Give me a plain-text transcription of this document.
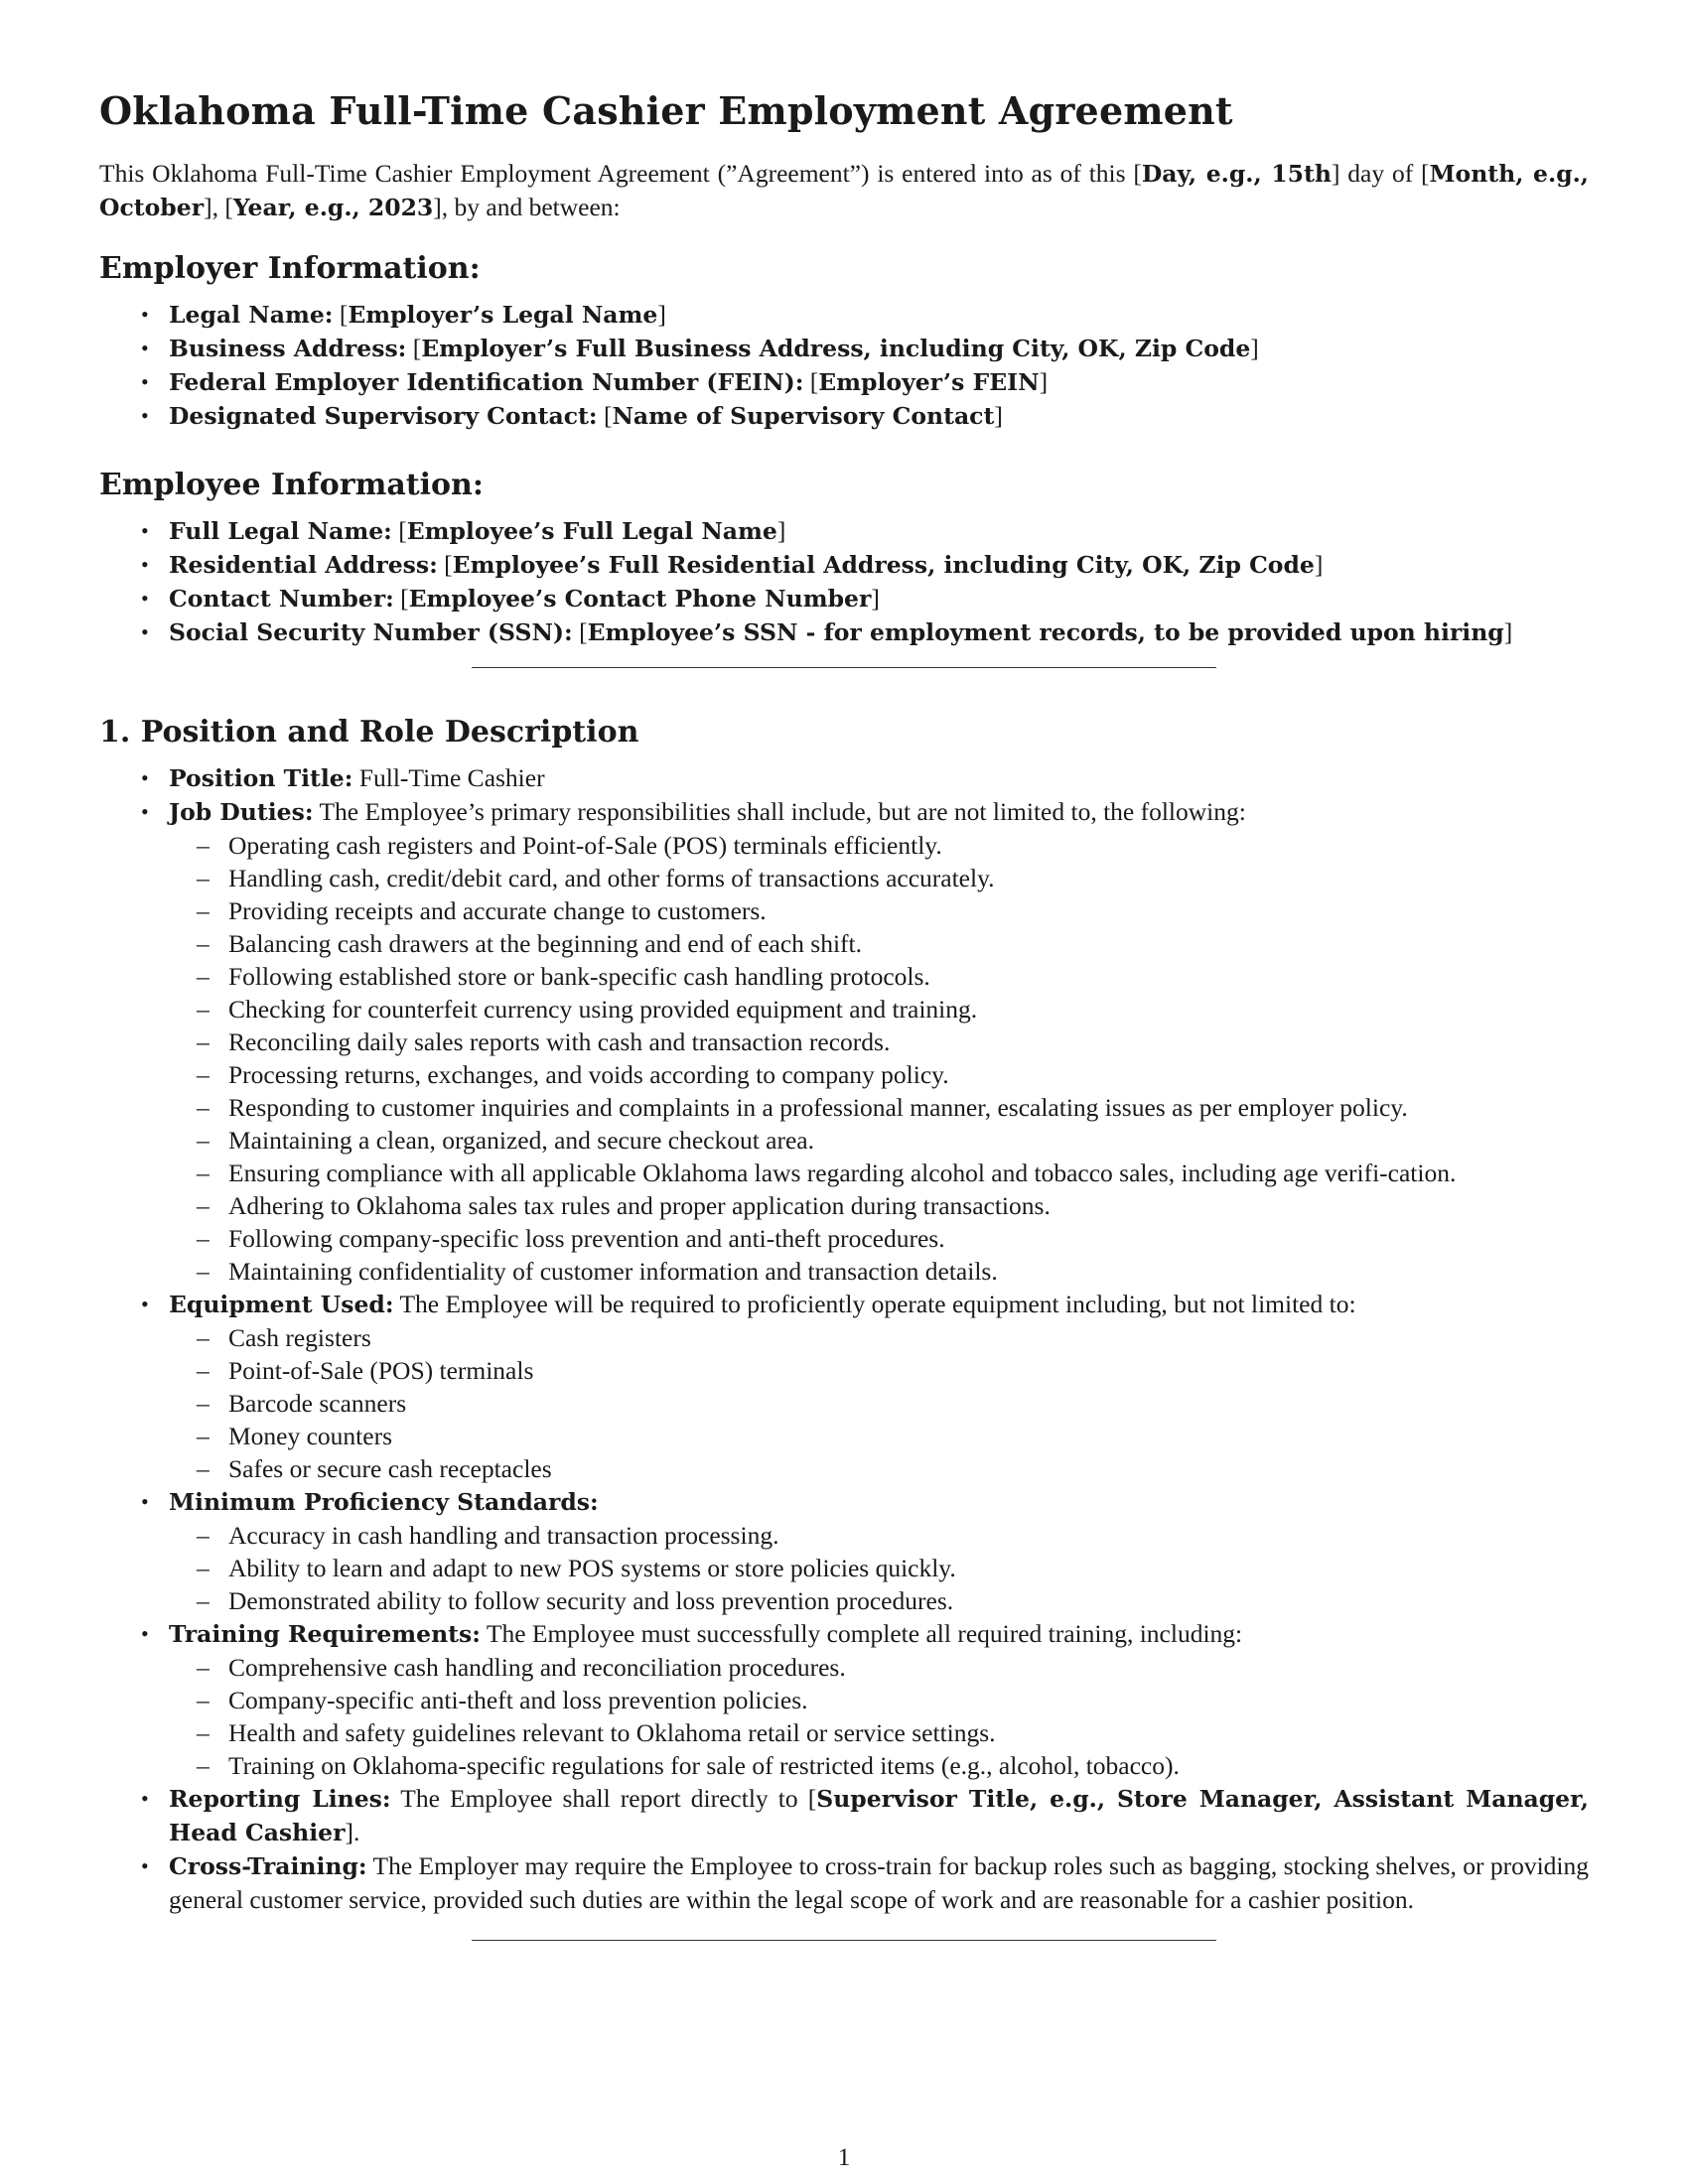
Oklahoma Full-Time Cashier Employment Agreement

This Oklahoma Full-Time Cashier Employment Agreement (”Agreement”) is entered into as of this [Day, e.g., 15th] day of [Month, e.g., October], [Year, e.g., 2023], by and between:

Employer Information:
• Legal Name: [Employer’s Legal Name]
• Business Address: [Employer’s Full Business Address, including City, OK, Zip Code]
• Federal Employer Identification Number (FEIN): [Employer’s FEIN]
• Designated Supervisory Contact: [Name of Supervisory Contact]
Employee Information:
• Full Legal Name: [Employee’s Full Legal Name]
• Residential Address: [Employee’s Full Residential Address, including City, OK, Zip Code]
• Contact Number: [Employee’s Contact Phone Number]
• Social Security Number (SSN): [Employee’s SSN - for employment records, to be provided upon hiring]
1. Position and Role Description
• Position Title: Full-Time Cashier
• Job Duties: The Employee’s primary responsibilities shall include, but are not limited to, the following:
– Operating cash registers and Point-of-Sale (POS) terminals efficiently.
– Handling cash, credit/debit card, and other forms of transactions accurately.
– Providing receipts and accurate change to customers.
– Balancing cash drawers at the beginning and end of each shift.
– Following established store or bank-specific cash handling protocols.
– Checking for counterfeit currency using provided equipment and training.
– Reconciling daily sales reports with cash and transaction records.
– Processing returns, exchanges, and voids according to company policy.
– Responding to customer inquiries and complaints in a professional manner, escalating issues as per employer policy.
– Maintaining a clean, organized, and secure checkout area.
– Ensuring compliance with all applicable Oklahoma laws regarding alcohol and tobacco sales, including age verifi-cation.
– Adhering to Oklahoma sales tax rules and proper application during transactions.
– Following company-specific loss prevention and anti-theft procedures.
– Maintaining confidentiality of customer information and transaction details.
• Equipment Used: The Employee will be required to proficiently operate equipment including, but not limited to:
– Cash registers
– Point-of-Sale (POS) terminals
– Barcode scanners
– Money counters
– Safes or secure cash receptacles
• Minimum Proficiency Standards:
– Accuracy in cash handling and transaction processing.
– Ability to learn and adapt to new POS systems or store policies quickly.
– Demonstrated ability to follow security and loss prevention procedures.
• Training Requirements: The Employee must successfully complete all required training, including:
– Comprehensive cash handling and reconciliation procedures.
– Company-specific anti-theft and loss prevention policies.
– Health and safety guidelines relevant to Oklahoma retail or service settings.
– Training on Oklahoma-specific regulations for sale of restricted items (e.g., alcohol, tobacco).
• Reporting Lines: The Employee shall report directly to [Supervisor Title, e.g., Store Manager, Assistant Manager, Head Cashier].
• Cross-Training: The Employer may require the Employee to cross-train for backup roles such as bagging, stocking shelves, or providing general customer service, provided such duties are within the legal scope of work and are reasonable for a cashier position.
1
